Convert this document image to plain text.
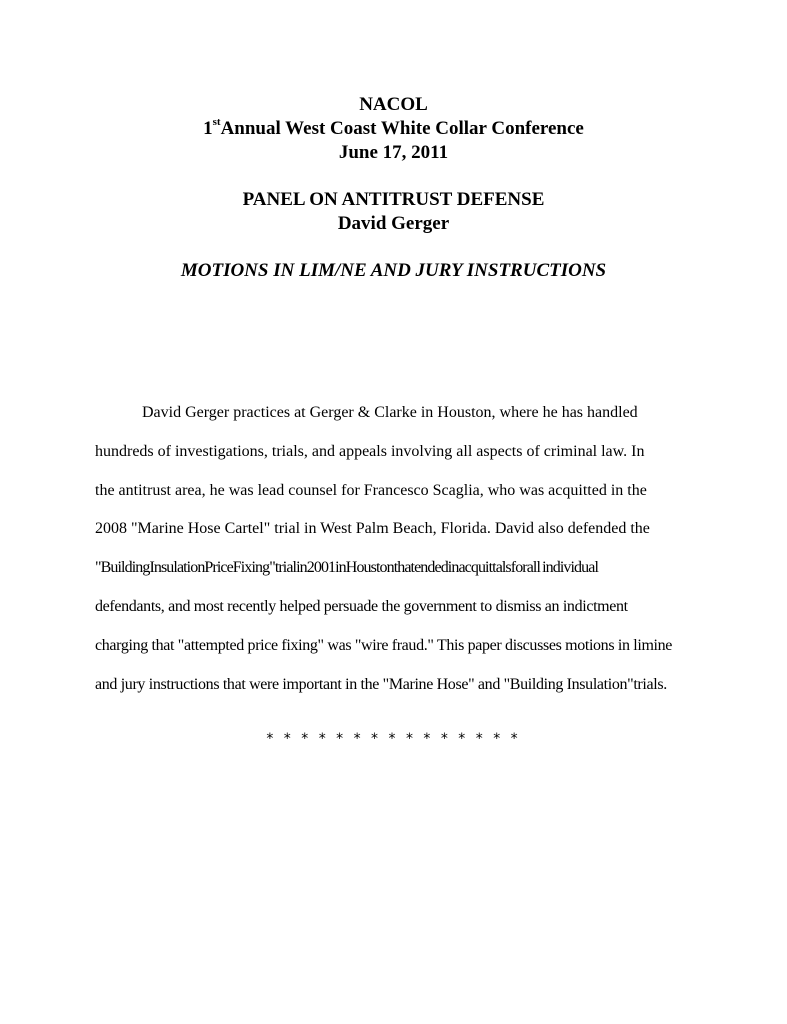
NACOL
1stAnnual West Coast White Collar Conference
June 17, 2011
PANEL ON ANTITRUST DEFENSE
David Gerger
MOTIONS IN LIM/NE AND JURY INSTRUCTIONS
David Gerger practices at Gerger & Clarke in Houston, where he has handled
hundreds of investigations, trials, and appeals involving all aspects of criminal law. In
the antitrust area, he was lead counsel for Francesco Scaglia, who was acquitted in the
2008 "Marine Hose Cartel" trial in West Palm Beach, Florida. David also defended the
"BuildingInsulationPriceFixing"trialin2001inHoustonthatendedinacquittalsforall individual
defendants, and most recently helped persuade the government to dismiss an indictment
charging that "attempted price fixing" was "wire fraud." This paper discusses motions in limine
and jury instructions that were important in the "Marine Hose" and "Building Insulation"trials.
* * * * * * * * * * * * * * *
